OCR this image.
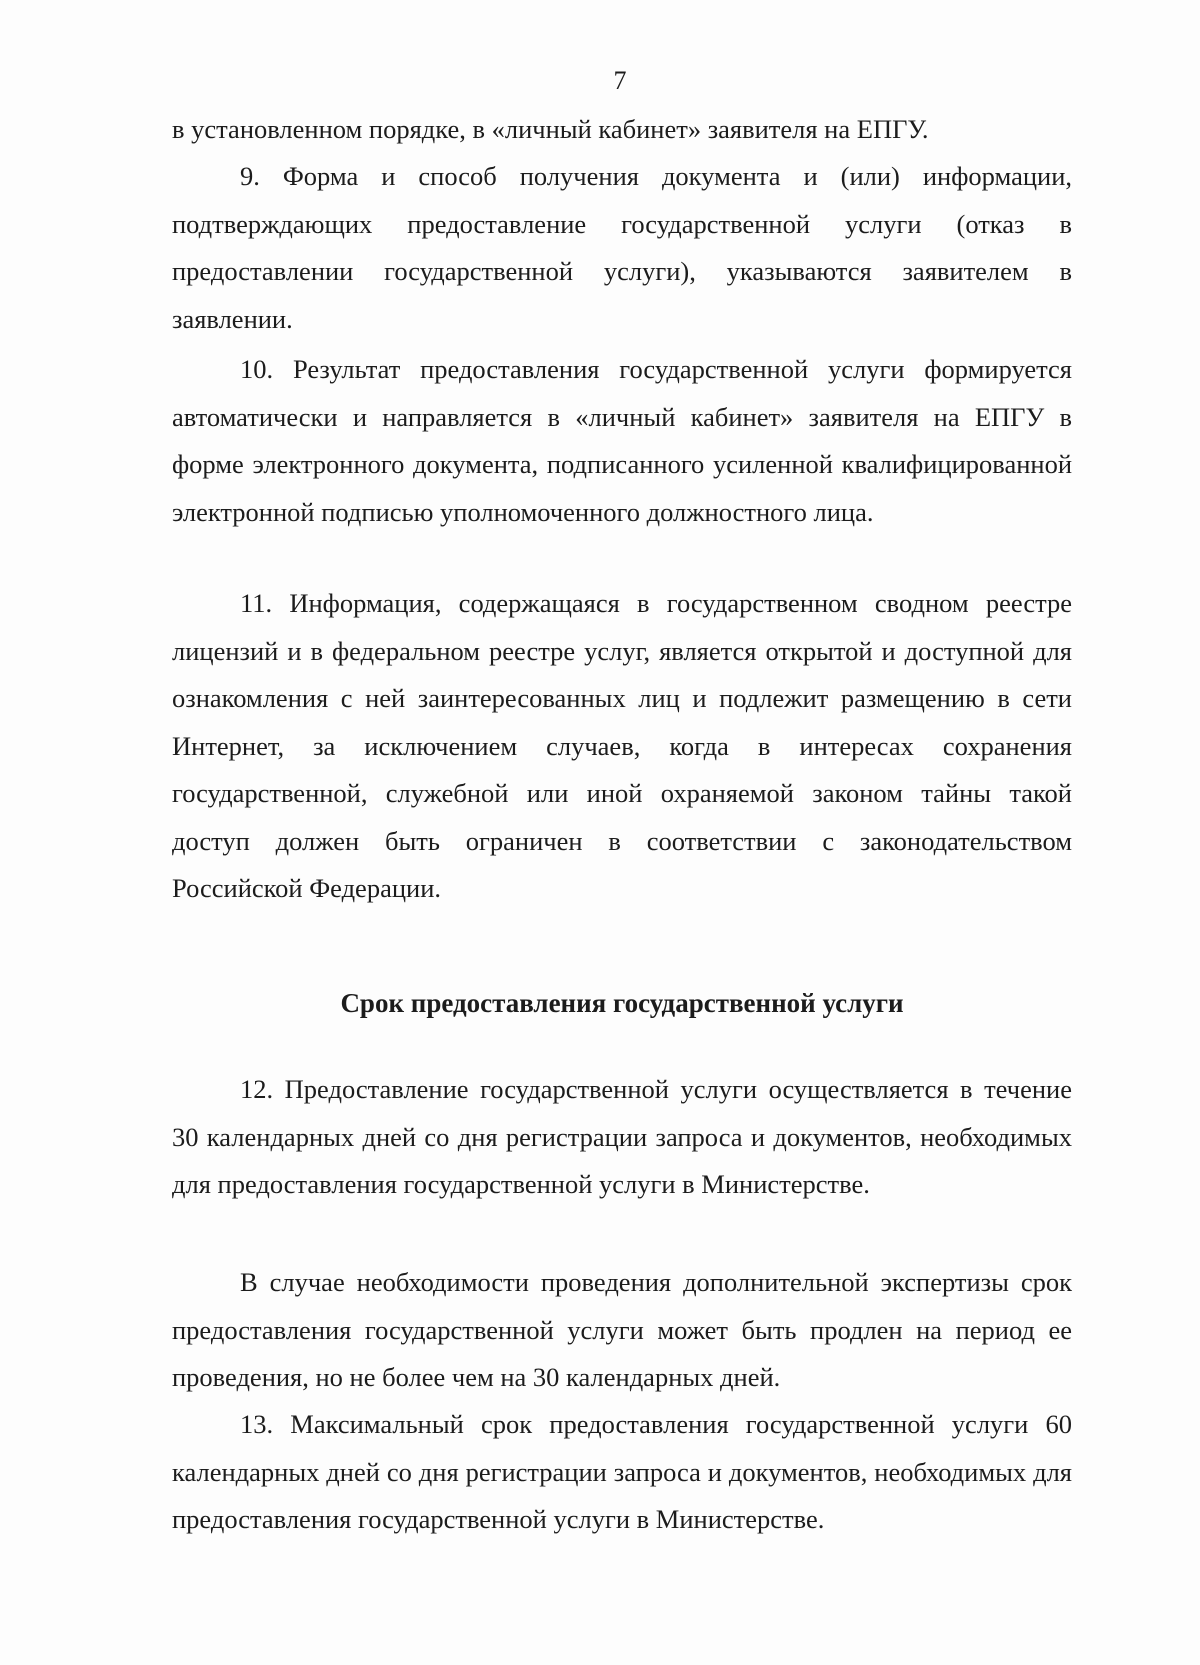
7

в установленном порядке, в «личный кабинет» заявителя на ЕПГУ.

9. Форма и способ получения документа и (или) информации, подтверждающих предоставление государственной услуги (отказ в предоставлении государственной услуги), указываются заявителем в заявлении.

10. Результат предоставления государственной услуги формируется автоматически и направляется в «личный кабинет» заявителя на ЕПГУ в форме электронного документа, подписанного усиленной квалифицированной электронной подписью уполномоченного должностного лица.

11. Информация, содержащаяся в государственном сводном реестре лицензий и в федеральном реестре услуг, является открытой и доступной для ознакомления с ней заинтересованных лиц и подлежит размещению в сети Интернет, за исключением случаев, когда в интересах сохранения государственной, служебной или иной охраняемой законом тайны такой доступ должен быть ограничен в соответствии с законодательством Российской Федерации.

Срок предоставления государственной услуги

12. Предоставление государственной услуги осуществляется в течение 30 календарных дней со дня регистрации запроса и документов, необходимых для предоставления государственной услуги в Министерстве.

В случае необходимости проведения дополнительной экспертизы срок предоставления государственной услуги может быть продлен на период ее проведения, но не более чем на 30 календарных дней.

13. Максимальный срок предоставления государственной услуги 60 календарных дней со дня регистрации запроса и документов, необходимых для предоставления государственной услуги в Министерстве.
